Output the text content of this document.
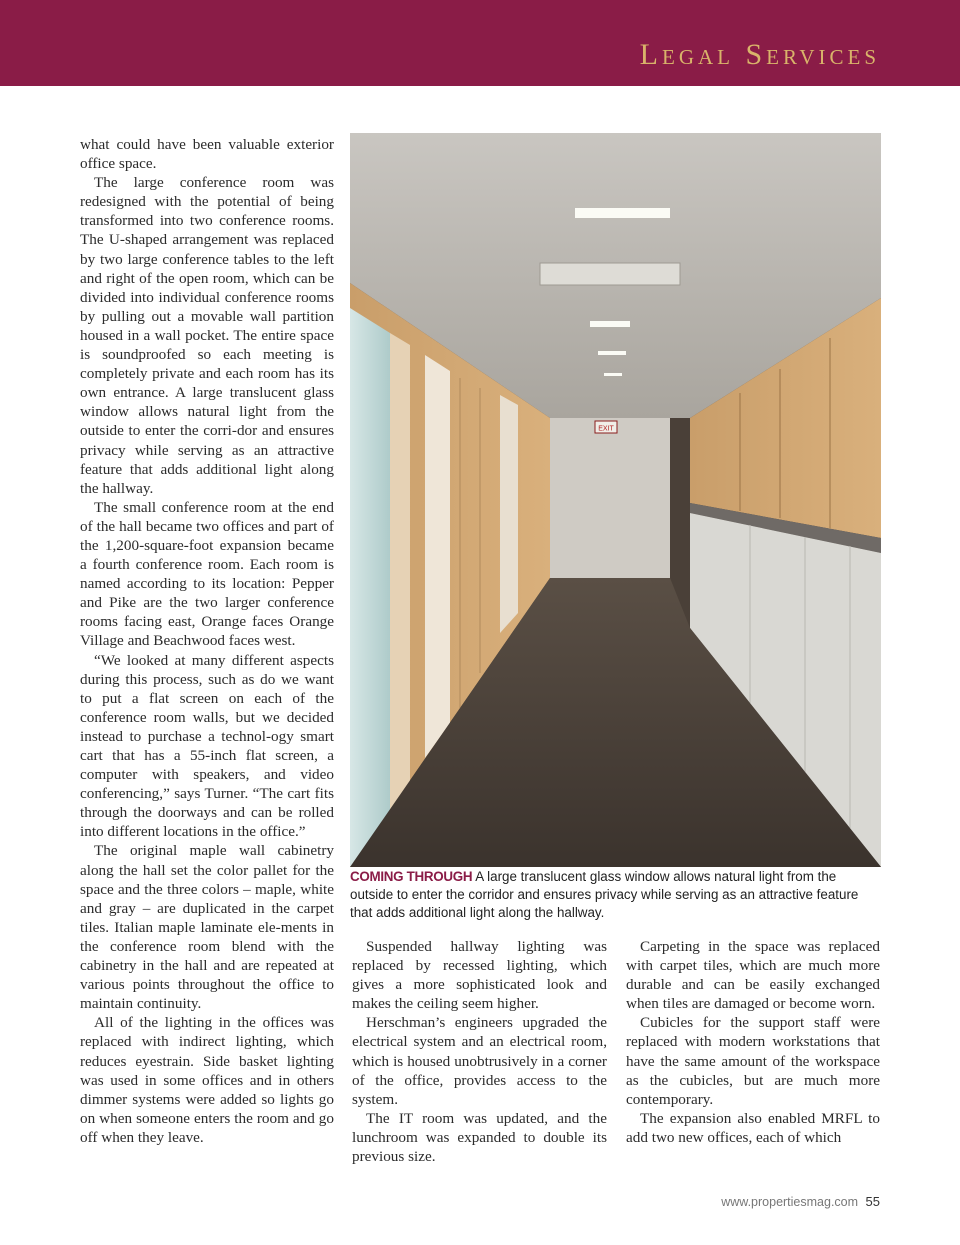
Legal Services

what could have been valuable exterior office space.

The large conference room was redesigned with the potential of being transformed into two conference rooms. The U-shaped arrangement was replaced by two large conference tables to the left and right of the open room, which can be divided into individual conference rooms by pulling out a movable wall partition housed in a wall pocket. The entire space is soundproofed so each meeting is completely private and each room has its own entrance. A large translucent glass window allows natural light from the outside to enter the corri-dor and ensures privacy while serving as an attractive feature that adds additional light along the hallway.

The small conference room at the end of the hall became two offices and part of the 1,200-square-foot expansion became a fourth conference room. Each room is named according to its location: Pepper and Pike are the two larger conference rooms facing east, Orange faces Orange Village and Beachwood faces west.

“We looked at many different aspects during this process, such as do we want to put a flat screen on each of the conference room walls, but we decided instead to purchase a technol-ogy smart cart that has a 55-inch flat screen, a computer with speakers, and video conferencing,” says Turner. “The cart fits through the doorways and can be rolled into different locations in the office.”

The original maple wall cabinetry along the hall set the color pallet for the space and the three colors – maple, white and gray – are duplicated in the carpet tiles. Italian maple laminate ele-ments in the conference room blend with the cabinetry in the hall and are repeated at various points throughout the office to maintain continuity.

All of the lighting in the offices was replaced with indirect lighting, which reduces eyestrain. Side basket lighting was used in some offices and in others dimmer systems were added so lights go on when someone enters the room and go off when they leave.

EXIT
COMING THROUGH A large translucent glass window allows natural light from the outside to enter the corridor and ensures privacy while serving as an attractive feature that adds additional light along the hallway.

Suspended hallway lighting was replaced by recessed lighting, which gives a more sophisticated look and makes the ceiling seem higher.

Herschman’s engineers upgraded the electrical system and an electrical room, which is housed unobtrusively in a corner of the office, provides access to the system.

The IT room was updated, and the lunchroom was expanded to double its previous size.

Carpeting in the space was replaced with carpet tiles, which are much more durable and can be easily exchanged when tiles are damaged or become worn.

Cubicles for the support staff were replaced with modern workstations that have the same amount of the workspace as the cubicles, but are much more contemporary.

The expansion also enabled MRFL to add two new offices, each of which

www.propertiesmag.com 55
